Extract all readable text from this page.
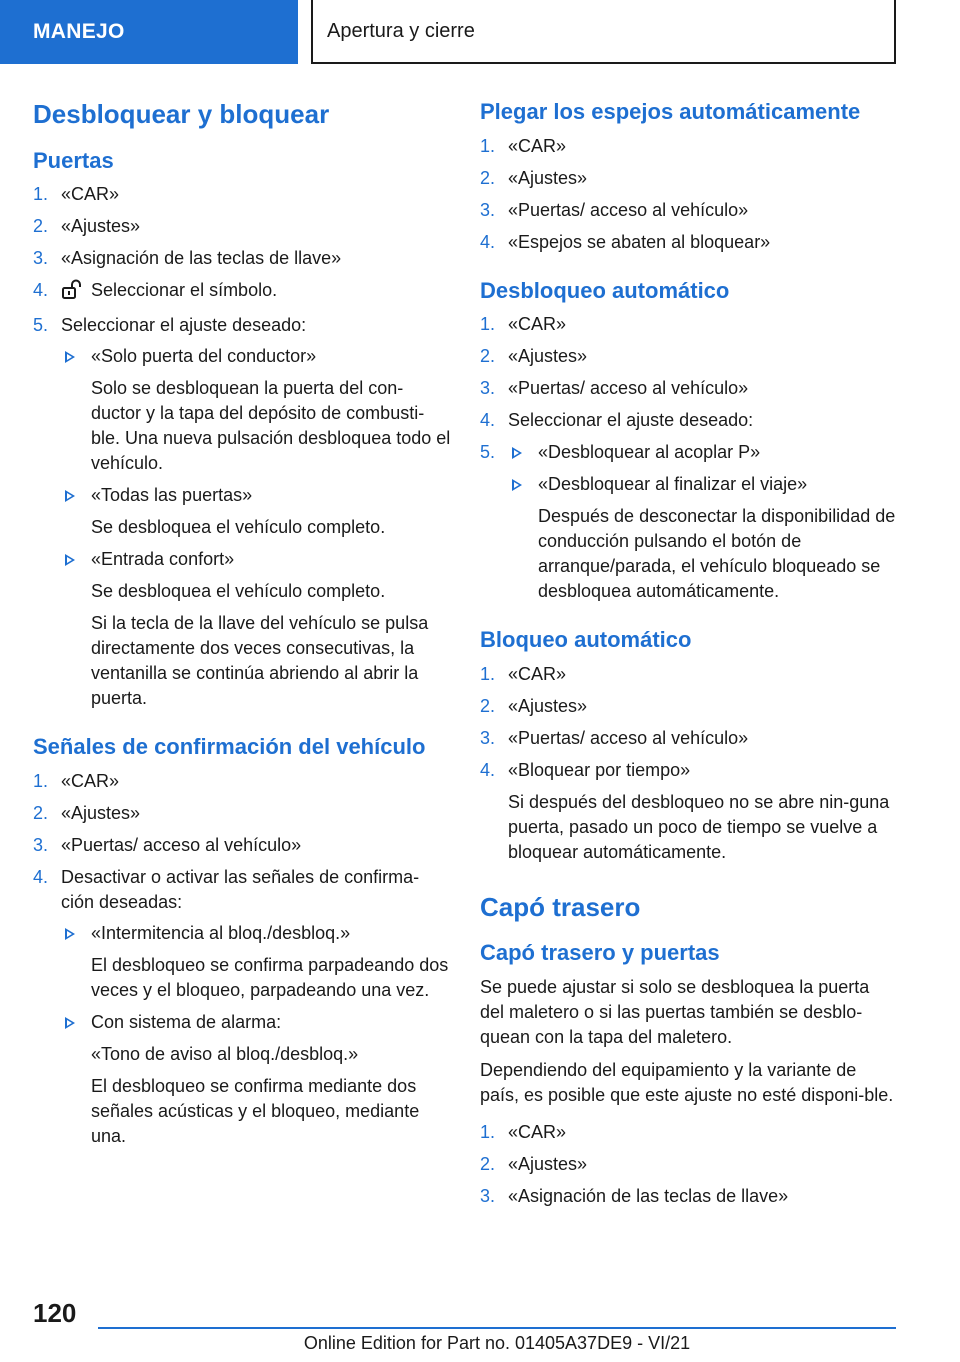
MANEJO	Apertura y cierre
Desbloquear y bloquear
Puertas
1. «CAR»
2. «Ajustes»
3. «Asignación de las teclas de llave»
4. Seleccionar el símbolo.
5. Seleccionar el ajuste deseado:
«Solo puerta del conductor»
Solo se desbloquean la puerta del con-ductor y la tapa del depósito de combusti-ble. Una nueva pulsación desbloquea todo el vehículo.
«Todas las puertas»
Se desbloquea el vehículo completo.
«Entrada confort»
Se desbloquea el vehículo completo.
Si la tecla de la llave del vehículo se pulsa directamente dos veces consecutivas, la ventanilla se continúa abriendo al abrir la puerta.
Señales de confirmación del vehículo
1. «CAR»
2. «Ajustes»
3. «Puertas/ acceso al vehículo»
4. Desactivar o activar las señales de confirma-ción deseadas:
«Intermitencia al bloq./desbloq.»
El desbloqueo se confirma parpadeando dos veces y el bloqueo, parpadeando una vez.
Con sistema de alarma:
«Tono de aviso al bloq./desbloq.»
El desbloqueo se confirma mediante dos señales acústicas y el bloqueo, mediante una.
Plegar los espejos automáticamente
1. «CAR»
2. «Ajustes»
3. «Puertas/ acceso al vehículo»
4. «Espejos se abaten al bloquear»
Desbloqueo automático
1. «CAR»
2. «Ajustes»
3. «Puertas/ acceso al vehículo»
4. Seleccionar el ajuste deseado:
5.	«Desbloquear al acoplar P»
«Desbloquear al finalizar el viaje»
Después de desconectar la disponibilidad de conducción pulsando el botón de arranque/parada, el vehículo bloqueado se desbloquea automáticamente.
Bloqueo automático
1. «CAR»
2. «Ajustes»
3. «Puertas/ acceso al vehículo»
4. «Bloquear por tiempo»
Si después del desbloqueo no se abre nin-guna puerta, pasado un poco de tiempo se vuelve a bloquear automáticamente.
Capó trasero
Capó trasero y puertas

Se puede ajustar si solo se desbloquea la puerta del maletero o si las puertas también se desblo-quean con la tapa del maletero.

Dependiendo del equipamiento y la variante de país, es posible que este ajuste no esté disponi-ble.

1. «CAR»
2. «Ajustes»
3. «Asignación de las teclas de llave»
120
Online Edition for Part no. 01405A37DE9 - VI/21
